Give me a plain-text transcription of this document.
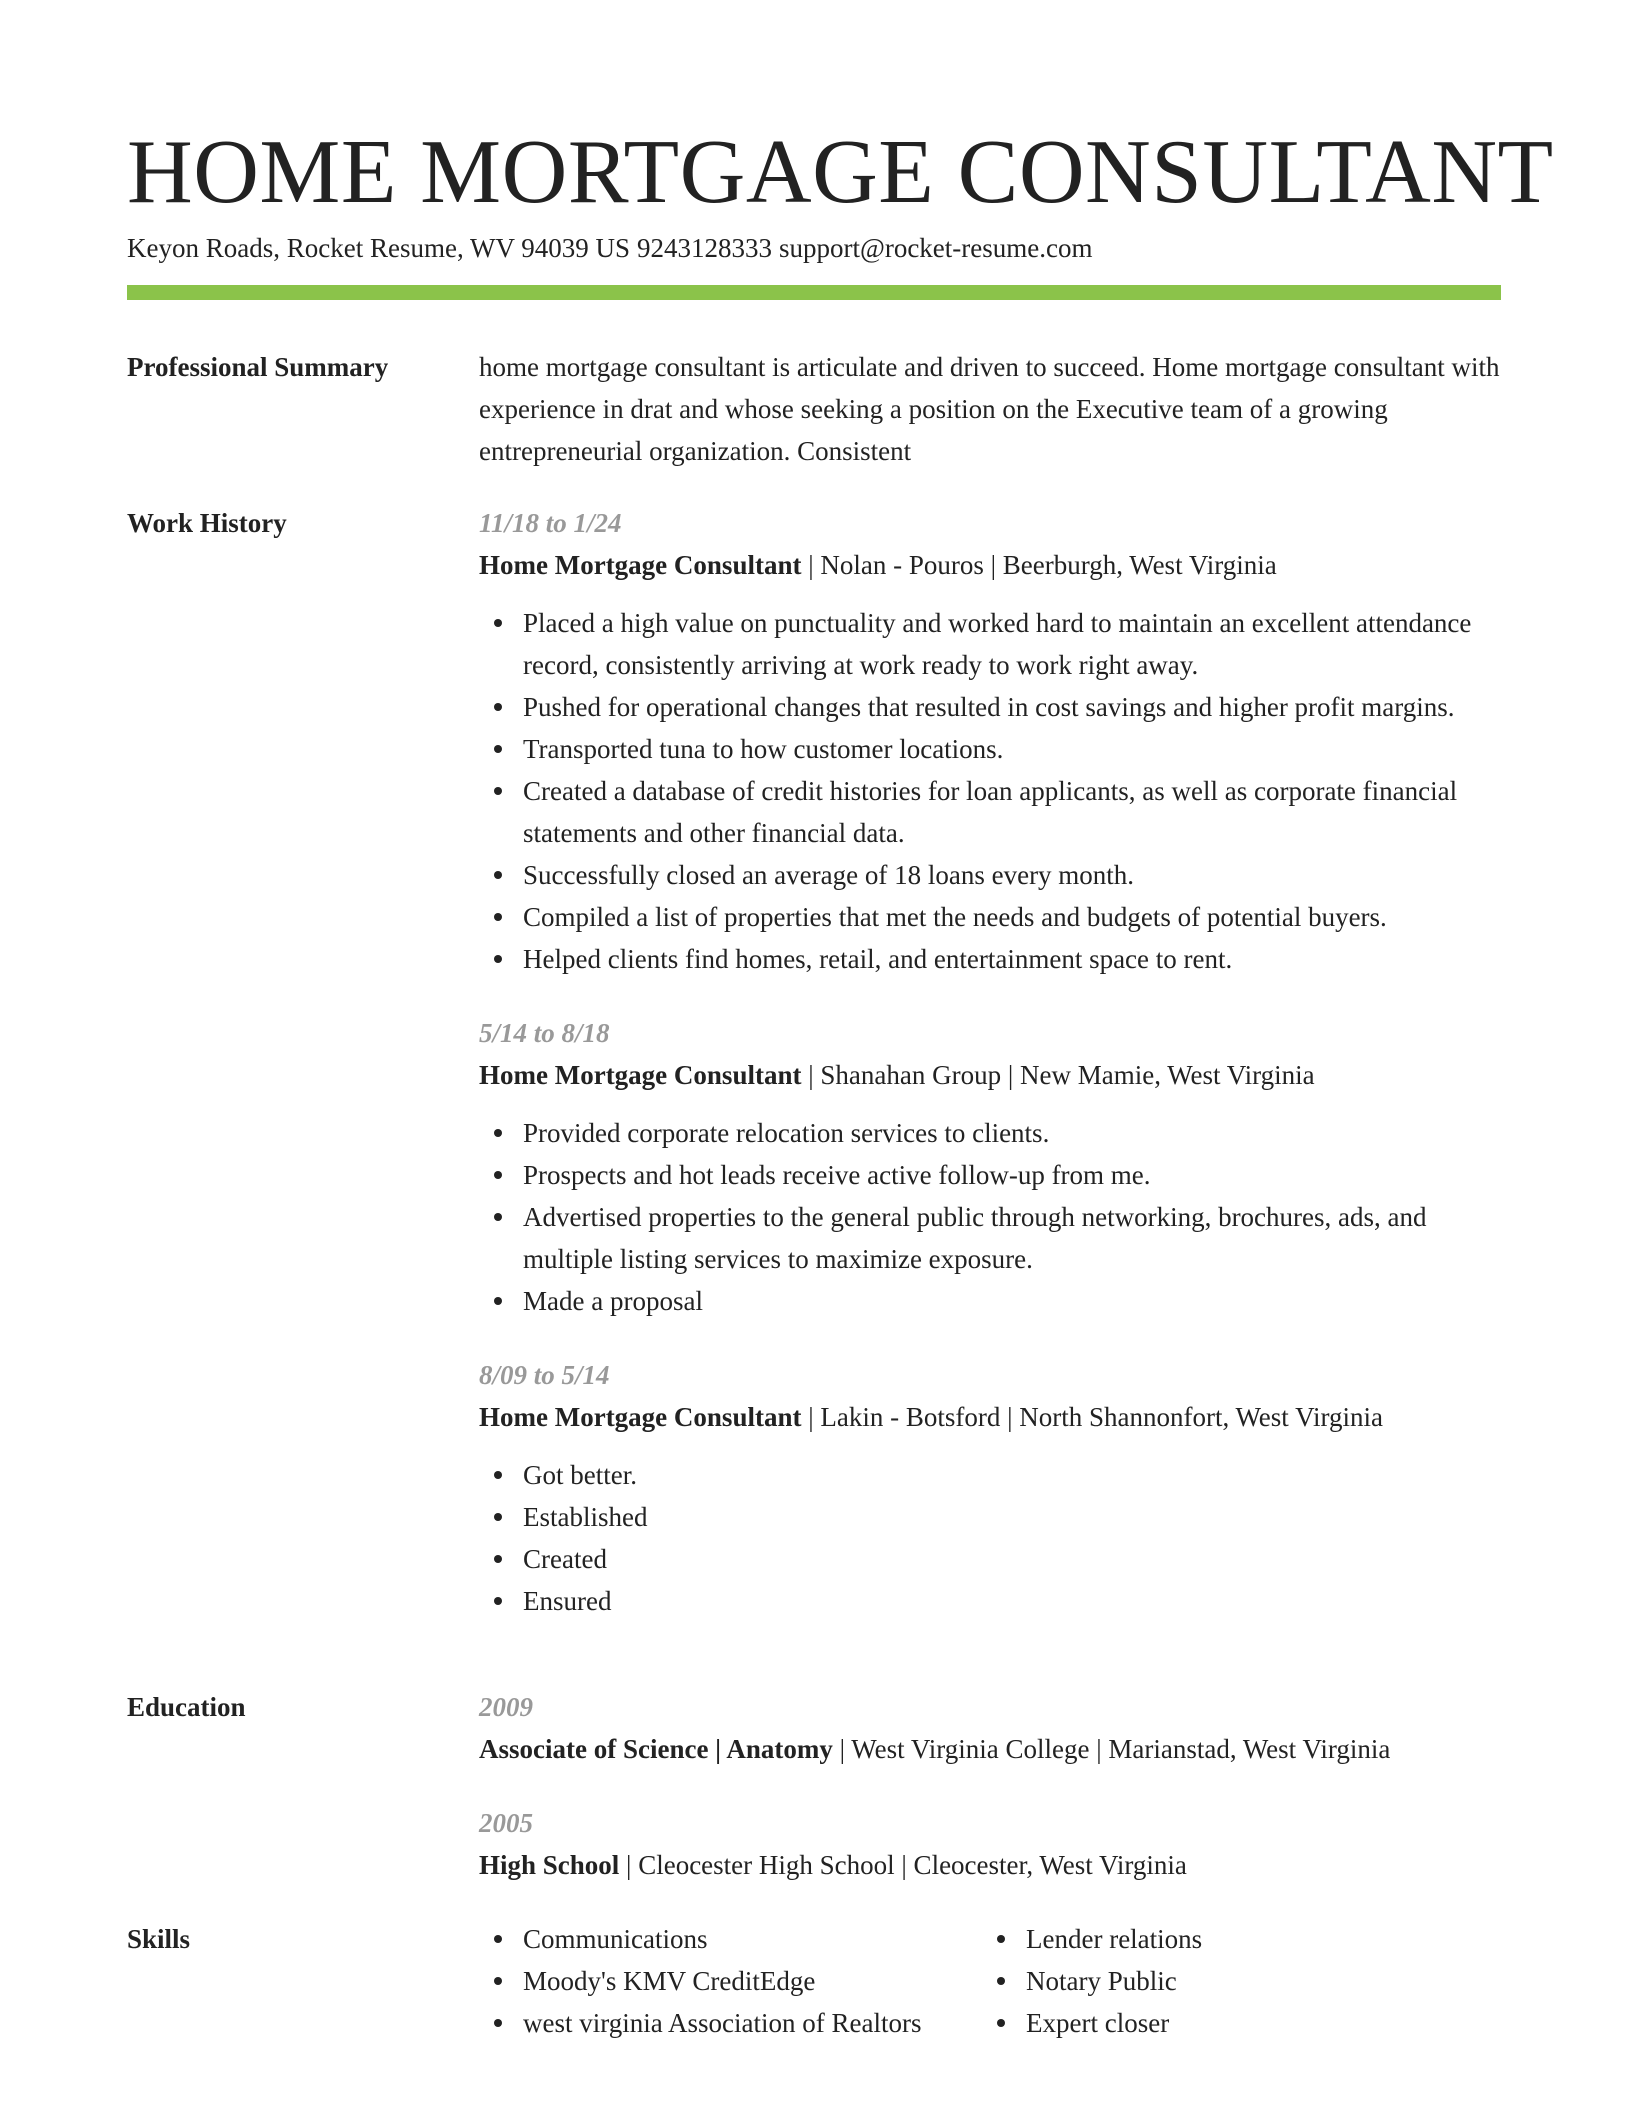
HOME MORTGAGE CONSULTANT
Keyon Roads, Rocket Resume, WV 94039 US 9243128333 support@rocket-resume.com
Professional Summary	home mortgage consultant is articulate and driven to succeed. Home mortgage consultant with experience in drat and whose seeking a position on the Executive team of a growing entrepreneurial organization. Consistent
Work History	11/18 to 1/24
Home Mortgage Consultant | Nolan - Pouros | Beerburgh, West Virginia
Placed a high value on punctuality and worked hard to maintain an excellent attendance record, consistently arriving at work ready to work right away.
Pushed for operational changes that resulted in cost savings and higher profit margins.
Transported tuna to how customer locations.
Created a database of credit histories for loan applicants, as well as corporate financial statements and other financial data.
Successfully closed an average of 18 loans every month.
Compiled a list of properties that met the needs and budgets of potential buyers.
Helped clients find homes, retail, and entertainment space to rent.
5/14 to 8/18
Home Mortgage Consultant | Shanahan Group | New Mamie, West Virginia
Provided corporate relocation services to clients.
Prospects and hot leads receive active follow-up from me.
Advertised properties to the general public through networking, brochures, ads, and multiple listing services to maximize exposure.
Made a proposal
8/09 to 5/14
Home Mortgage Consultant | Lakin - Botsford | North Shannonfort, West Virginia
Got better.
Established
Created
Ensured
Education	2009
Associate of Science | Anatomy | West Virginia College | Marianstad, West Virginia
2005
High School | Cleocester High School | Cleocester, West Virginia
Skills	Communications
Moody's KMV CreditEdge
west virginia Association of Realtors
Lender relations
Notary Public
Expert closer
